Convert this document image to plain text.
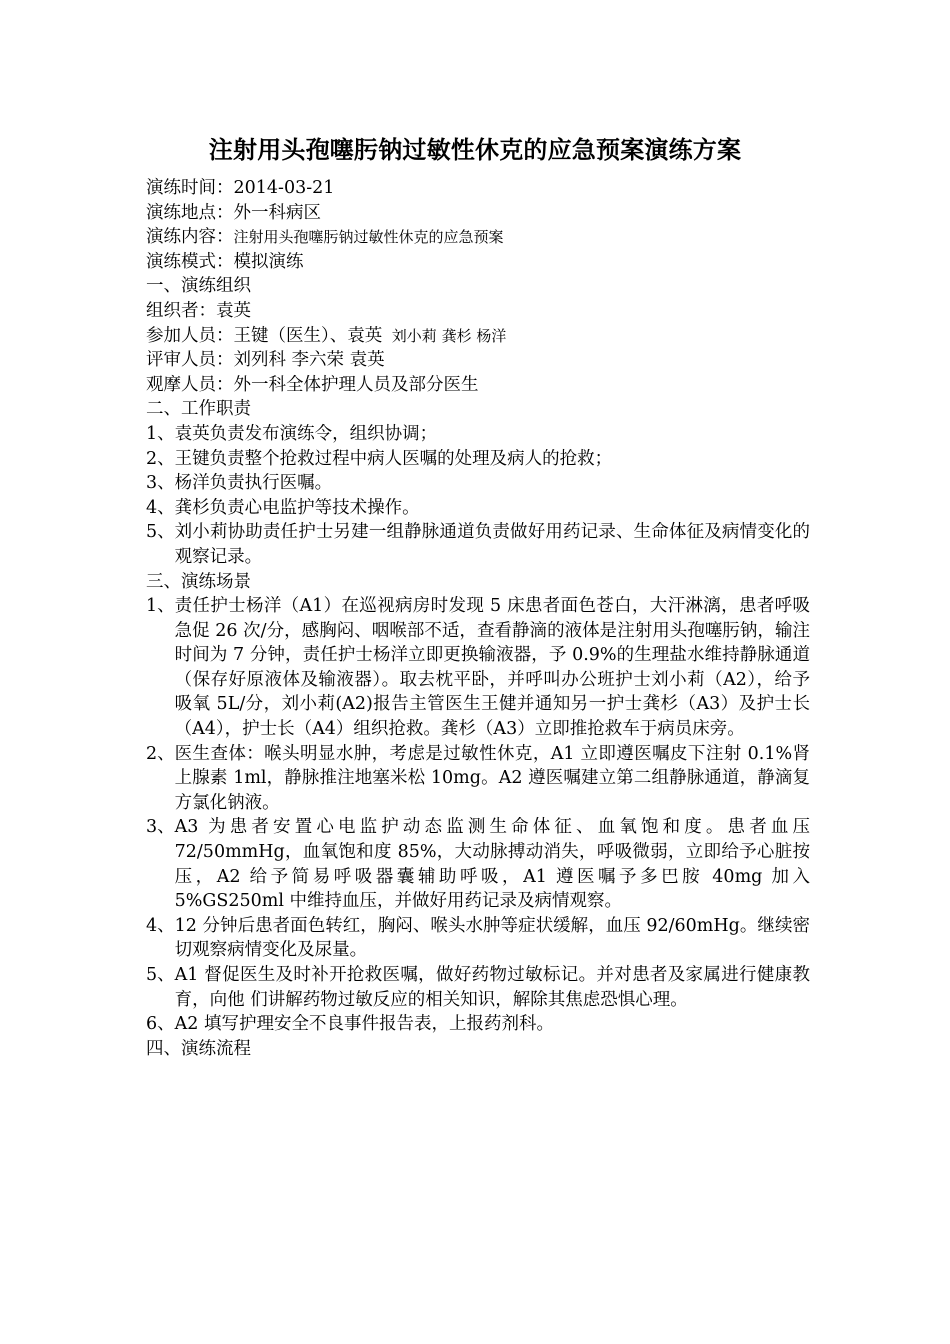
注射用头孢噻肟钠过敏性休克的应急预案演练方案
演练时间：2014-03-21
演练地点：外一科病区
演练内容：注射用头孢噻肟钠过敏性休克的应急预案
演练模式：模拟演练
一、演练组织
组织者：袁英
参加人员：王键（医生）、袁英 刘小莉 龚杉 杨洋
评审人员：刘列科 李六荣 袁英
观摩人员：外一科全体护理人员及部分医生
二、工作职责
1、 袁英负责发布演练令，组织协调；
2、 王键负责整个抢救过程中病人医嘱的处理及病人的抢救；
3、 杨洋负责执行医嘱。
4、 龚杉负责心电监护等技术操作。
5、 刘小莉协助责任护士另建一组静脉通道负责做好用药记录、生命体征及病情变化的观察记录。
三、演练场景
1、 责任护士杨洋（A1）在巡视病房时发现 5 床患者面色苍白，大汗淋漓，患者呼吸急促 26 次/分，感胸闷、咽喉部不适，查看静滴的液体是注射用头孢噻肟钠，输注时间为 7 分钟，责任护士杨洋立即更换输液器，予 0.9%的生理盐水维持静脉通道（保存好原液体及输液器）。取去枕平卧，并呼叫办公班护士刘小莉（A2），给予吸氧 5L/分，刘小莉(A2)报告主管医生王健并通知另一护士龚杉（A3）及护士长（A4），护士长（A4）组织抢救。龚杉（A3）立即推抢救车于病员床旁。
2、 医生查体：喉头明显水肿，考虑是过敏性休克，A1 立即遵医嘱皮下注射 0.1%肾上腺素 1ml，静脉推注地塞米松 10mg。A2 遵医嘱建立第二组静脉通道，静滴复方氯化钠液。
3、 A3 为患者安置心电监护动态监测生命体征、血氧饱和度。患者血压 72/50mmHg，血氧饱和度 85%，大动脉搏动消失，呼吸微弱，立即给予心脏按压，A2 给予简易呼吸器囊辅助呼吸，A1 遵医嘱予多巴胺 40mg 加入 5%GS250ml 中维持血压，并做好用药记录及病情观察。
4、 12 分钟后患者面色转红，胸闷、喉头水肿等症状缓解，血压 92/60mHg。继续密切观察病情变化及尿量。
5、 A1 督促医生及时补开抢救医嘱，做好药物过敏标记。并对患者及家属进行健康教育，向他 们讲解药物过敏反应的相关知识，解除其焦虑恐惧心理。
6、 A2 填写护理安全不良事件报告表，上报药剂科。
四、演练流程
